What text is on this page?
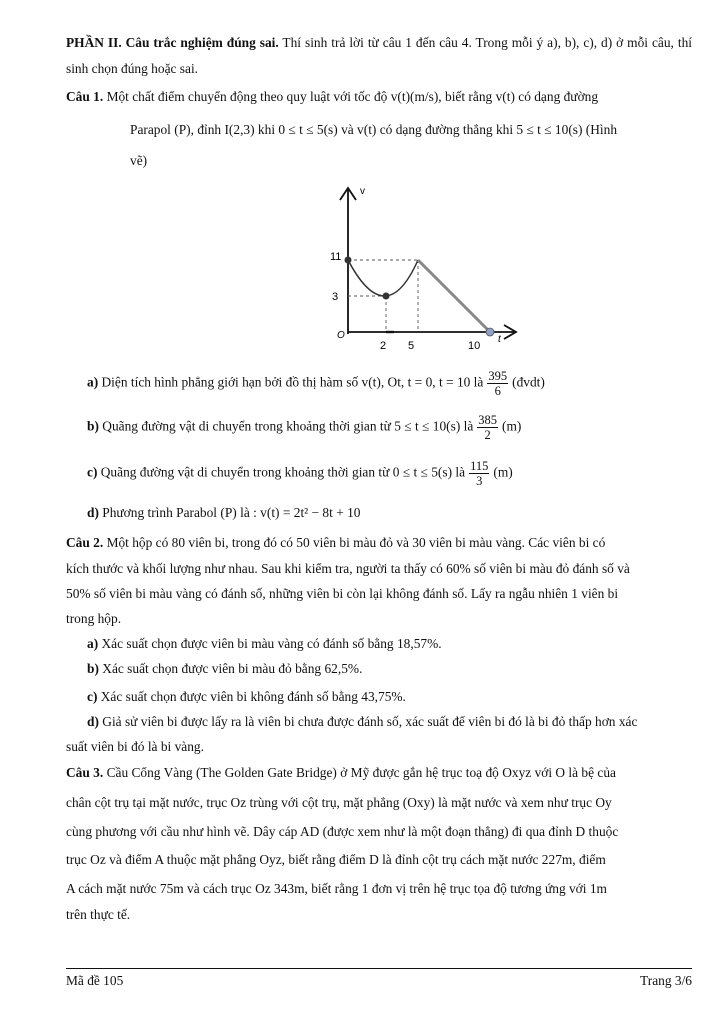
PHẦN II. Câu trắc nghiệm đúng sai. Thí sinh trả lời từ câu 1 đến câu 4. Trong mỗi ý a), b), c), d) ở mỗi câu, thí sinh chọn đúng hoặc sai.

Câu 1. Một chất điểm chuyển động theo quy luật với tốc độ v(t)(m/s), biết rằng v(t) có dạng đường

Parapol (P), đỉnh I(2,3) khi 0 ≤ t ≤ 5(s) và v(t) có dạng đường thẳng khi 5 ≤ t ≤ 10(s) (Hình

vẽ)

v
11
3
O
2 5	10
t

a) Diện tích hình phẳng giới hạn bởi đồ thị hàm số v(t), Ot, t = 0, t = 10 là $\frac{395}{6}$ (đvdt)

b) Quãng đường vật di chuyển trong khoảng thời gian từ 5 ≤ t ≤ 10(s) là $\frac{385}{2} (m)$

c) Quãng đường vật di chuyển trong khoảng thời gian từ 0 ≤ t ≤ 5(s) là $\frac{115}{3} (m)$

d) Phương trình Parabol (P) là : v(t) = 2t² − 8t + 10

Câu 2. Một hộp có 80 viên bi, trong đó có 50 viên bi màu đỏ và 30 viên bi màu vàng. Các viên bi có

kích thước và khối lượng như nhau. Sau khi kiểm tra, người ta thấy có 60% số viên bi màu đỏ đánh số và

50% số viên bi màu vàng có đánh số, những viên bi còn lại không đánh số. Lấy ra ngẫu nhiên 1 viên bi

trong hộp.

a) Xác suất chọn được viên bi màu vàng có đánh số bằng 18,57%.

b) Xác suất chọn được viên bi màu đỏ bằng 62,5%.

c) Xác suất chọn được viên bi không đánh số bằng 43,75%.

d) Giả sử viên bi được lấy ra là viên bi chưa được đánh số, xác suất để viên bi đó là bi đỏ thấp hơn xác

suất viên bi đó là bi vàng.

Câu 3. Cầu Cổng Vàng (The Golden Gate Bridge) ở Mỹ được gắn hệ trục toạ độ Oxyz với O là bệ của

chân cột trụ tại mặt nước, trục Oz trùng với cột trụ, mặt phẳng (Oxy) là mặt nước và xem như trục Oy

cùng phương với cầu như hình vẽ. Dây cáp AD (được xem như là một đoạn thẳng) đi qua đỉnh D thuộc

trục Oz và điểm A thuộc mặt phẳng Oyz, biết rằng điểm D là đỉnh cột trụ cách mặt nước 227m, điểm

A cách mặt nước 75m và cách trục Oz 343m, biết rằng 1 đơn vị trên hệ trục tọa độ tương ứng với 1m

trên thực tế.

Mã đề 105	Trang 3/6
